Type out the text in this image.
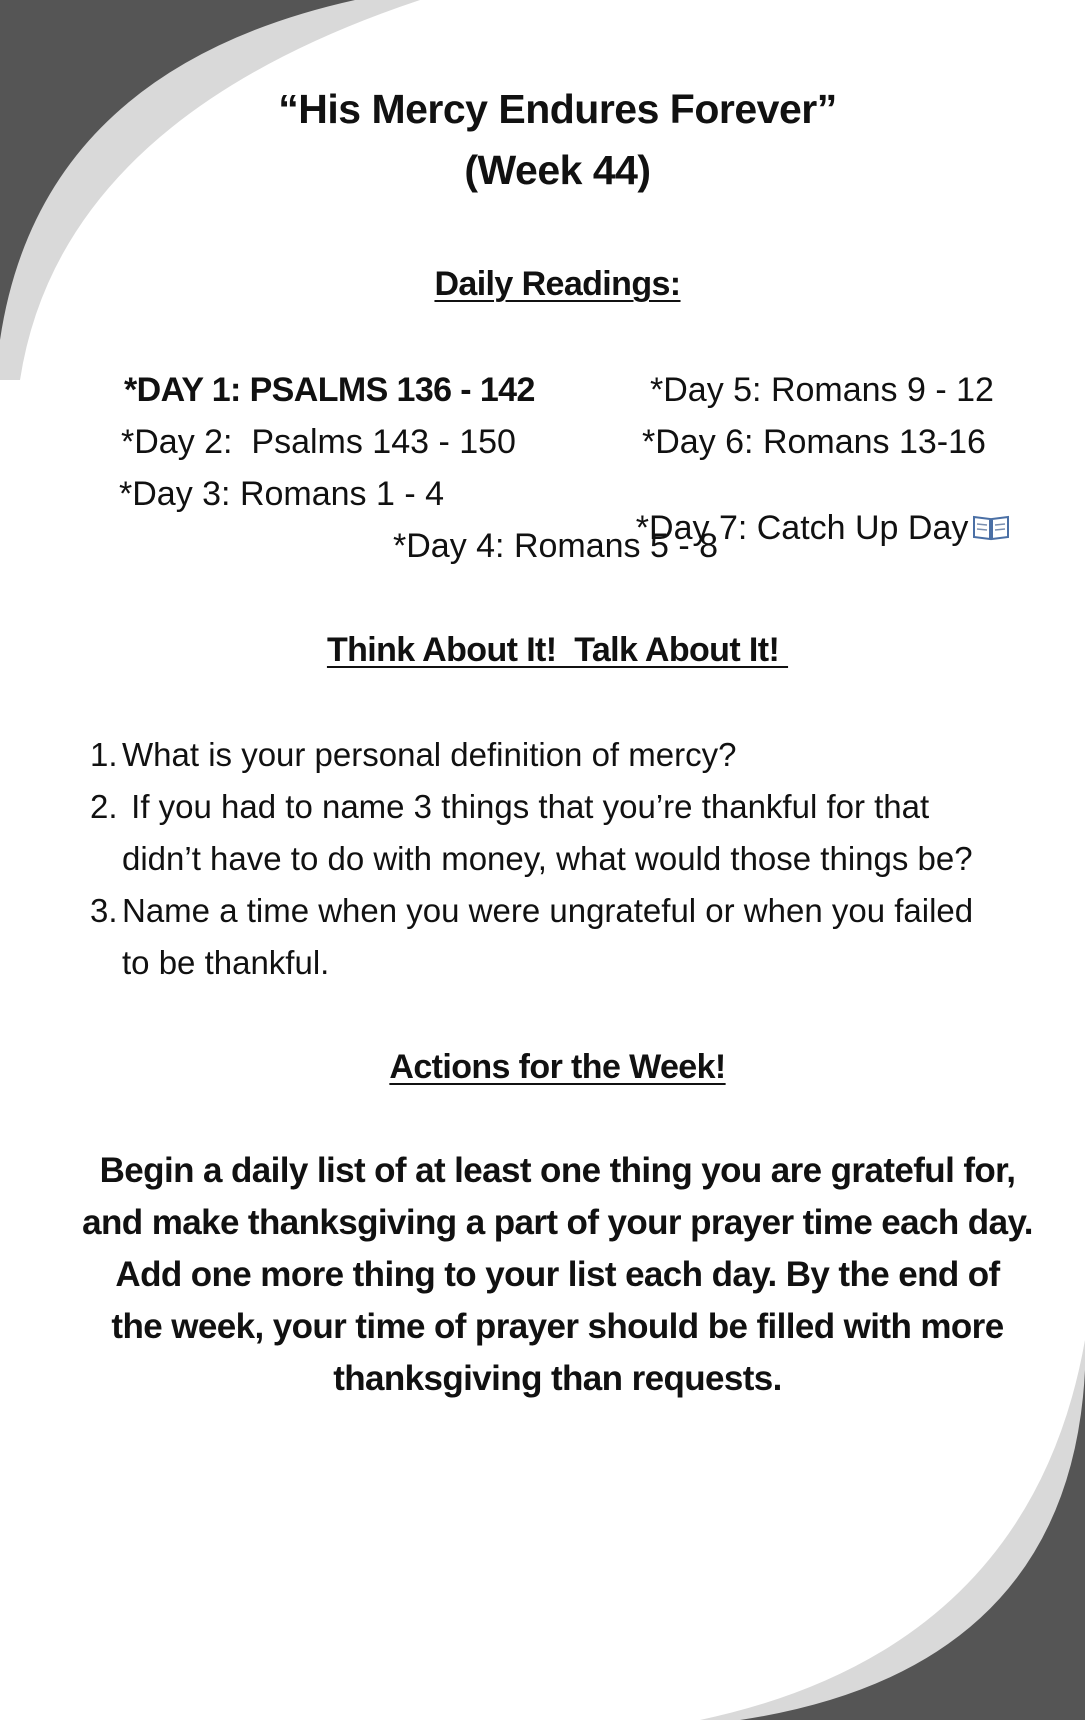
“His Mercy Endures Forever”
(Week 44)
Daily Readings:
*DAY 1: PSALMS 136 - 142
*Day 2:  Psalms 143 - 150
*Day 3: Romans 1 - 4
*Day 4: Romans 5 - 8
*Day 5: Romans 9 - 12
*Day 6: Romans 13-16

*Day 7: Catch Up Day

Think About It!  Talk About It!
1. What is your personal definition of mercy?
2. If you had to name 3 things that you’re thankful for that
didn’t have to do with money, what would those things be?
3. Name a time when you were ungrateful or when you failed
to be thankful.
Actions for the Week!
Begin a daily list of at least one thing you are grateful for,
and make thanksgiving a part of your prayer time each day.
Add one more thing to your list each day. By the end of
the week, your time of prayer should be filled with more
thanksgiving than requests.
